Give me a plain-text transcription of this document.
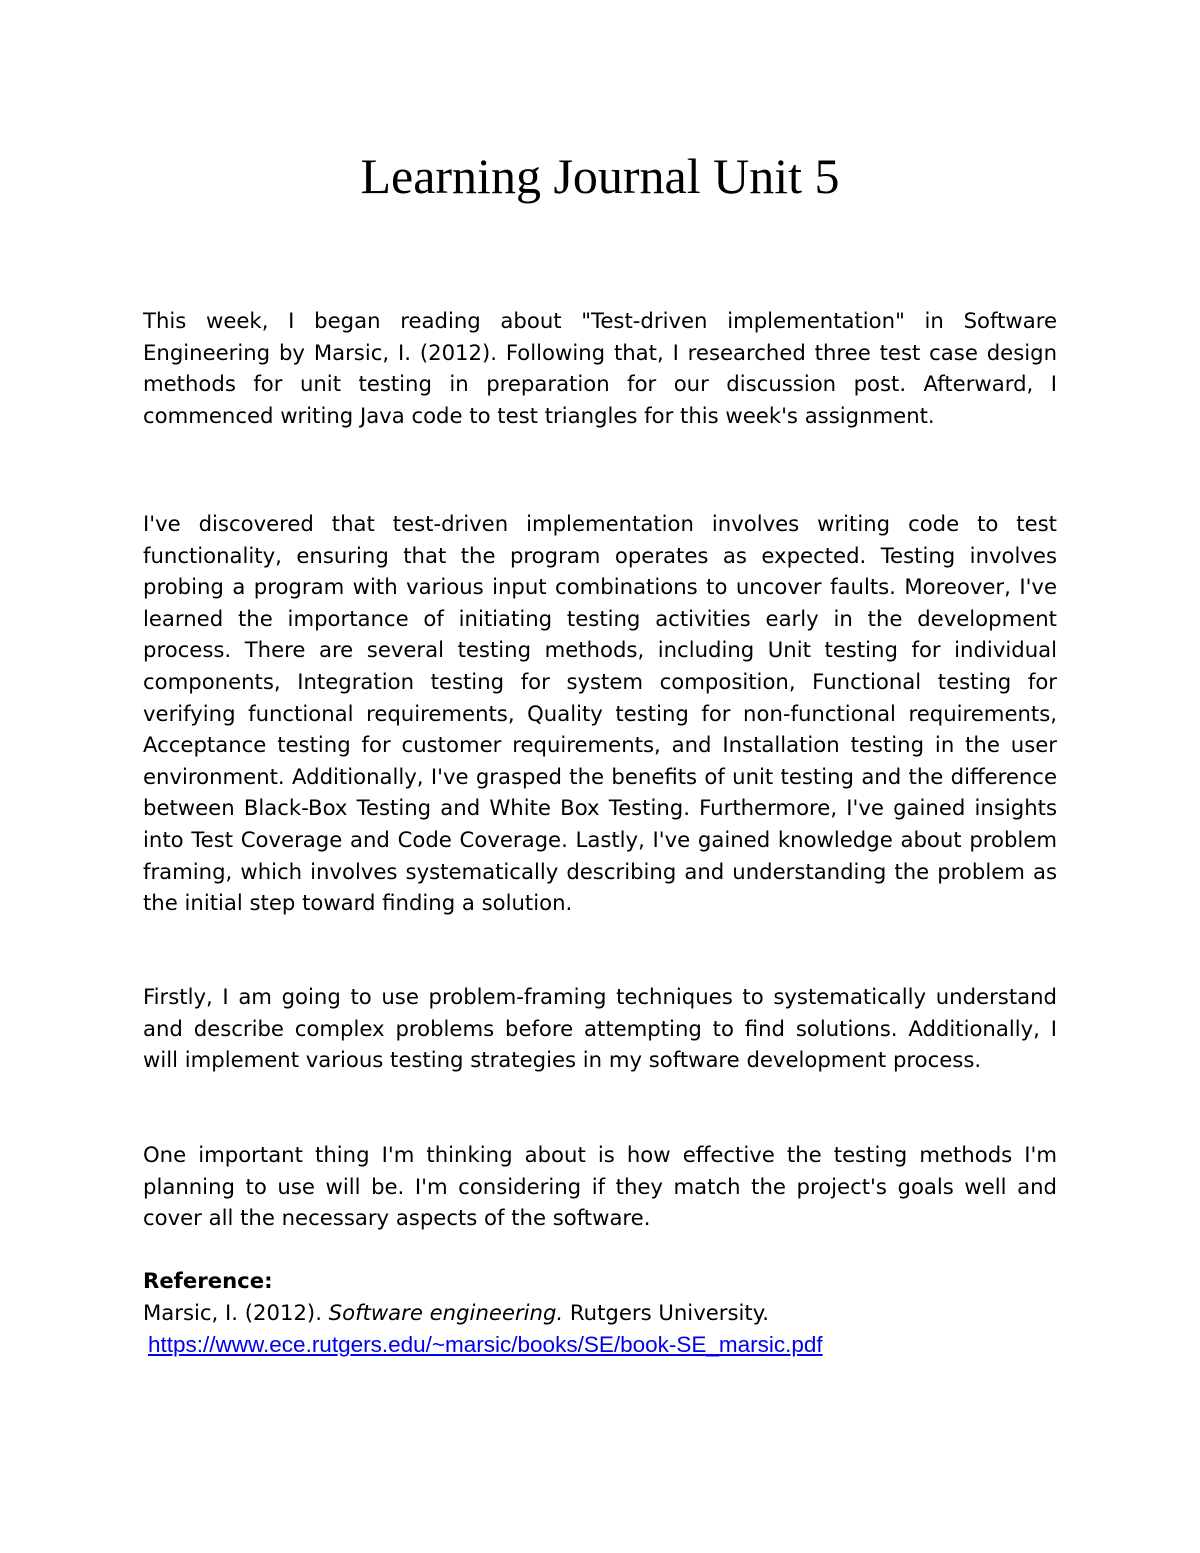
Learning Journal Unit 5

This week, I began reading about "Test-driven implementation" in Software Engineering by Marsic, I. (2012). Following that, I researched three test case design methods for unit testing in preparation for our discussion post. Afterward, I commenced writing Java code to test triangles for this week's assignment.

I've discovered that test-driven implementation involves writing code to test functionality, ensuring that the program operates as expected. Testing involves probing a program with various input combinations to uncover faults. Moreover, I've learned the importance of initiating testing activities early in the development process. There are several testing methods, including Unit testing for individual components, Integration testing for system composition, Functional testing for verifying functional requirements, Quality testing for non-functional requirements, Acceptance testing for customer requirements, and Installation testing in the user environment. Additionally, I've grasped the benefits of unit testing and the difference between Black-Box Testing and White Box Testing. Furthermore, I've gained insights into Test Coverage and Code Coverage. Lastly, I've gained knowledge about problem framing, which involves systematically describing and understanding the problem as the initial step toward finding a solution.

Firstly, I am going to use problem-framing techniques to systematically understand and describe complex problems before attempting to find solutions. Additionally, I will implement various testing strategies in my software development process.

One important thing I'm thinking about is how effective the testing methods I'm planning to use will be. I'm considering if they match the project's goals well and cover all the necessary aspects of the software.

Reference:

Marsic, I. (2012). Software engineering. Rutgers University.

https://www.ece.rutgers.edu/~marsic/books/SE/book-SE_marsic.pdf
